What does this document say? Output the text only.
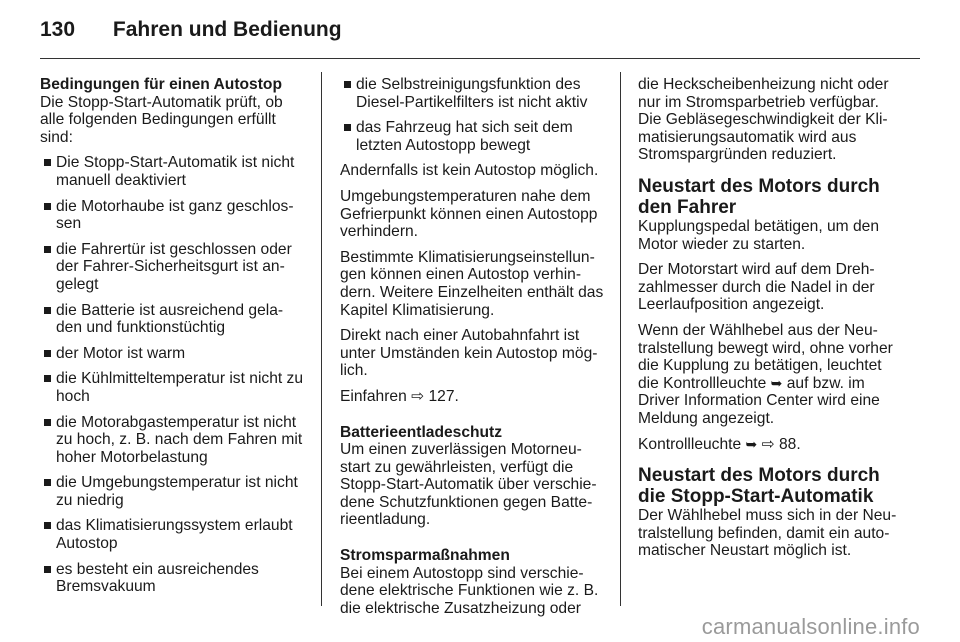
130 Fahren und Bedienung
Bedingungen für einen Autostop

Die Stopp-Start-Automatik prüft, ob alle folgenden Bedingungen erfüllt sind:

Die Stopp-Start-Automatik ist nicht manuell deaktiviert
die Motorhaube ist ganz geschlos-sen
die Fahrertür ist geschlossen oder der Fahrer-Sicherheitsgurt ist an-gelegt
die Batterie ist ausreichend gela-den und funktionstüchtig
der Motor ist warm
die Kühlmitteltemperatur ist nicht zu hoch
die Motorabgastemperatur ist nicht zu hoch, z. B. nach dem Fahren mit hoher Motorbelastung
die Umgebungstemperatur ist nicht zu niedrig
das Klimatisierungssystem erlaubt Autostop
es besteht ein ausreichendes Bremsvakuum
die Selbstreinigungsfunktion des Diesel-Partikelfilters ist nicht aktiv
das Fahrzeug hat sich seit dem letzten Autostopp bewegt

Andernfalls ist kein Autostop möglich.

Umgebungstemperaturen nahe dem Gefrierpunkt können einen Autostopp verhindern.

Bestimmte Klimatisierungseinstellun-gen können einen Autostop verhin-dern. Weitere Einzelheiten enthält das Kapitel Klimatisierung.

Direkt nach einer Autobahnfahrt ist unter Umständen kein Autostop mög-lich.

Einfahren ⇨ 127.

Batterieentladeschutz

Um einen zuverlässigen Motorneu-start zu gewährleisten, verfügt die Stopp-Start-Automatik über verschie-dene Schutzfunktionen gegen Batte-rieentladung.

Stromsparmaßnahmen

Bei einem Autostopp sind verschie-dene elektrische Funktionen wie z. B. die elektrische Zusatzheizung oder

die Heckscheibenheizung nicht oder nur im Stromsparbetrieb verfügbar. Die Gebläsegeschwindigkeit der Kli-matisierungsautomatik wird aus Stromspargründen reduziert.

Neustart des Motors durch den Fahrer

Kupplungspedal betätigen, um den Motor wieder zu starten.

Der Motorstart wird auf dem Dreh-zahlmesser durch die Nadel in der Leerlaufposition angezeigt.

Wenn der Wählhebel aus der Neu-tralstellung bewegt wird, ohne vorher die Kupplung zu betätigen, leuchtet die Kontrollleuchte ➥ auf bzw. im Driver Information Center wird eine Meldung angezeigt.

Kontrollleuchte ➥ ⇨ 88.

Neustart des Motors durch die Stopp-Start-Automatik

Der Wählhebel muss sich in der Neu-tralstellung befinden, damit ein auto-matischer Neustart möglich ist.

carmanualsonline.info
